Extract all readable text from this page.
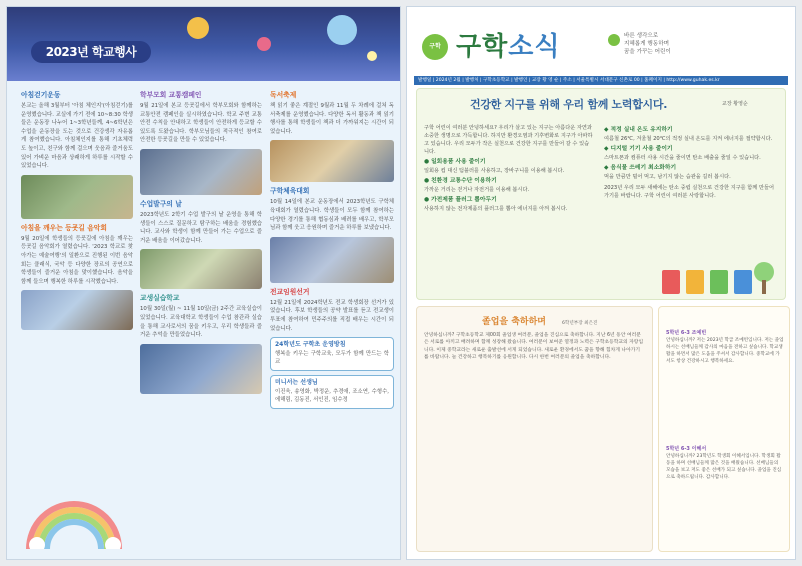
2023년 학교행사
아침걷기운동
본교는 올해 3월부터 '아침 체인지'(아침걷기)를 운영했습니다. 교실에 가기 전에 10~8:30 학생들은 운동장 나누어 1~3학년들께, 4~6학년은 수업을 운동장을 도는 것으로 건강생각 자유롭게 참여했습니다. 아침체인지를 통해 기초체력도 높이고, 친구와 함께 걸으며 웃음과 즐거움도 있어 가벼운 마음과 상쾌하게 하루를 시작할 수 있었습니다.
아침을 깨우는 등굣길 음악회
9월 20일에 학생들의 등굣길에 아침을 깨우는 등굣길 음악회가 열렸습니다. '2023 학교로 찾아가는 예술여행'의 일환으로 진행된 이번 음악회는 클래식, 국악 등 다양한 장르의 공연으로 학생들이 즐거운 아침을 맞이했습니다. 음악을 함께 들으며 행복한 하루를 시작했습니다.
학부모회 교통캠페인
9월 21일에 본교 등굣길에서 학부모회와 함께하는 교통안전 캠페인을 실시하였습니다. 학교 주변 교통안전 수칙을 안내하고 학생들이 안전하게 등교할 수 있도록 도왔습니다. 학부모님들의 적극적인 참여로 안전한 등굣길을 만들 수 있었습니다.
수업발구의 날
2023학년도 2학기 수업 발구의 날 운영을 통해 학생들이 스스로 질문하고 탐구하는 배움을 경험했습니다. 교사와 학생이 함께 만들어 가는 수업으로 즐거운 배움을 이어갔습니다.
교생실습학교
10월 30일(월) ~ 11월 10일(금) 2주간 교육실습이 있었습니다. 교육대학교 학생들이 수업 참관과 실습을 통해 교사로서의 꿈을 키우고, 우리 학생들과 즐거운 추억을 만들었습니다.
독서축제
책 읽기 좋은 계절인 9월과 11월 두 차례에 걸쳐 독서축제를 운영했습니다. 다양한 독서 활동과 책 읽기 행사를 통해 학생들이 책과 더 가까워지는 시간이 되었습니다.
구학체육대회
10월 14일에 본교 운동장에서 2023학년도 구학체육대회가 열렸습니다. 학생들이 모두 함께 참여하는 다양한 경기를 통해 협동심과 배려를 배우고, 학부모님과 함께 웃고 응원하며 즐거운 하루를 보냈습니다.
전교임원선거
12월 21일에 2024학년도 전교 학생회장 선거가 있었습니다. 후보 학생들의 공약 발표를 듣고 전교생이 투표에 참여하여 민주주의를 직접 배우는 시간이 되었습니다.
24학년도 구학초 운영방침
행복을 키우는 구학교육, 모두가 함께 만드는 학교
미니서는 선생님
이진욱, 송영화, 박정운, 추경애, 조소연, 수형수, 에해림, 김동진, 서인진, 임수정
구학 구학소식	바른 생각으로
지혜롭게 행동하며
꿈을 가꾸는 어린이
발행일 | 2024년 2월 | 발행처 | 구학초등학교 | 발행인 | 교장 황 영 순 | 주소 | 서울특별시 서대문구 신촌로 00 | 홈페이지 | http://www.guhak.es.kr
건강한 지구를 위해 우리 함께 노력합시다.	교장 황영순
구학 어린이 여러분 안녕하세요? 우리가 살고 있는 지구는 아름다운 자연과 소중한 생명으로 가득합니다. 하지만 환경오염과 기후변화로 지구가 아파하고 있습니다. 우리 모두가 작은 실천으로 건강한 지구를 만들어 갈 수 있습니다.
● 일회용품 사용 줄이기
일회용 컵 대신 텀블러를 사용하고, 장바구니를 이용해 봅시다.
● 친환경 교통수단 이용하기
가까운 거리는 걷거나 자전거를 이용해 봅시다.
● 가전제품 플러그 뽑아두기
사용하지 않는 전자제품의 플러그를 뽑아 에너지를 아껴 봅시다.
◆ 적정 실내 온도 유지하기
여름철 26℃, 겨울철 20℃의 적정 실내 온도를 지켜 에너지를 절약합시다.
◆ 디지털 기기 사용 줄이기
스마트폰과 컴퓨터 사용 시간을 줄이면 탄소 배출을 줄일 수 있습니다.
◆ 음식물 쓰레기 최소화하기
먹을 만큼만 덜어 먹고, 남기지 않는 습관을 길러 봅시다.
2023년 우리 모두 새해에는 탄소 중립 실천으로 건강한 지구를 함께 만들어 가기를 바랍니다. 구학 어린이 여러분 사랑합니다.
졸업을 축하하며	6학년부장 최은진
안녕하십니까? 구학초등학교 제00회 졸업생 여러분, 졸업을 진심으로 축하합니다. 지난 6년 동안 여러분은 서로를 아끼고 배려하며 함께 성장해 왔습니다. 여러분이 보여준 열정과 노력은 구학초등학교의 자랑입니다. 이제 중학교라는 새로운 출발선에 서게 되었습니다. 새로운 환경에서도 꿈을 향해 힘차게 나아가기를 바랍니다. 늘 건강하고 행복하기를 응원합니다. 다시 한번 여러분의 졸업을 축하합니다.
5학년 6-3 조예빈
안녕하십니까? 저는 2023년 학급 조예빈입니다. 저는 졸업하시는 선배님들께 감사의 마음을 전하고 싶습니다. 학교생활을 하면서 많은 도움을 주셔서 감사합니다. 중학교에 가서도 항상 건강하시고 행복하세요.
5학년 6-3 이혜서
안녕하십니까? 23학년도 학생회 이혜서입니다. 학생회 활동을 하며 선배님들께 많은 것을 배웠습니다. 선배님들의 모습을 보고 저도 좋은 선배가 되고 싶습니다. 졸업을 진심으로 축하드립니다. 감사합니다.
